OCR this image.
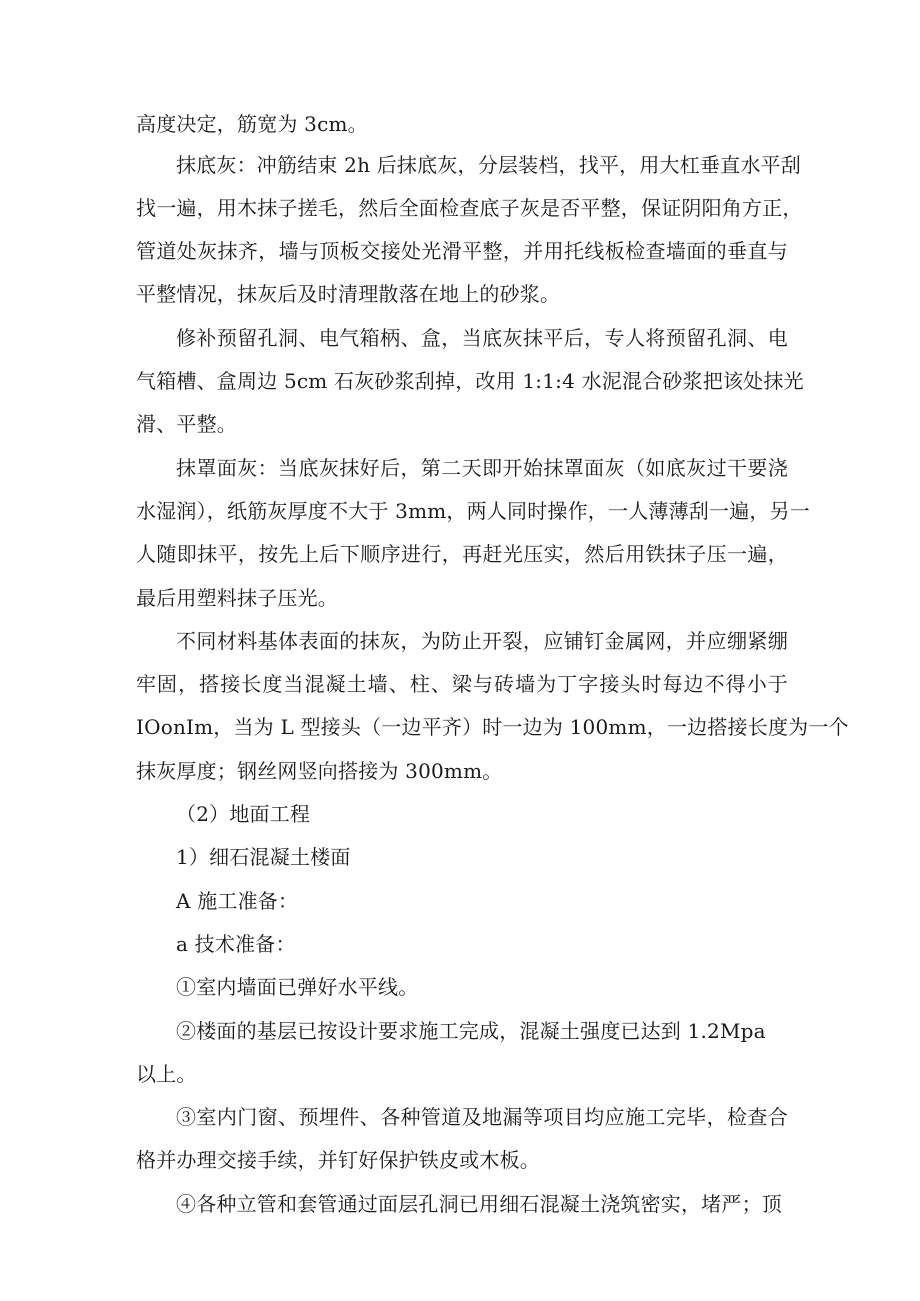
高度决定，筋宽为 3cm。
抹底灰：冲筋结束 2h 后抹底灰，分层装档，找平，用大杠垂直水平刮
找一遍，用木抹子搓毛，然后全面检查底子灰是否平整，保证阴阳角方正，
管道处灰抹齐，墙与顶板交接处光滑平整，并用托线板检查墙面的垂直与
平整情况，抹灰后及时清理散落在地上的砂浆。
修补预留孔洞、电气箱柄、盒，当底灰抹平后，专人将预留孔洞、电
气箱槽、盒周边 5cm 石灰砂浆刮掉，改用 1:1:4 水泥混合砂浆把该处抹光
滑、平整。
抹罩面灰：当底灰抹好后，第二天即开始抹罩面灰（如底灰过干要浇
水湿润），纸筋灰厚度不大于 3mm，两人同时操作，一人薄薄刮一遍，另一
人随即抹平，按先上后下顺序进行，再赶光压实，然后用铁抹子压一遍，
最后用塑料抹子压光。
不同材料基体表面的抹灰，为防止开裂，应铺钉金属网，并应绷紧绷
牢固，搭接长度当混凝土墙、柱、梁与砖墙为丁字接头时每边不得小于
IOonIm，当为 L 型接头（一边平齐）时一边为 100mm，一边搭接长度为一个
抹灰厚度；钢丝网竖向搭接为 300mm。
（2）地面工程
1）细石混凝土楼面
A 施工准备：
a 技术准备：
①室内墙面已弹好水平线。
②楼面的基层已按设计要求施工完成，混凝土强度已达到 1.2Mpa
以上。
③室内门窗、预埋件、各种管道及地漏等项目均应施工完毕，检查合
格并办理交接手续，并钉好保护铁皮或木板。
④各种立管和套管通过面层孔洞已用细石混凝土浇筑密实，堵严；顶
